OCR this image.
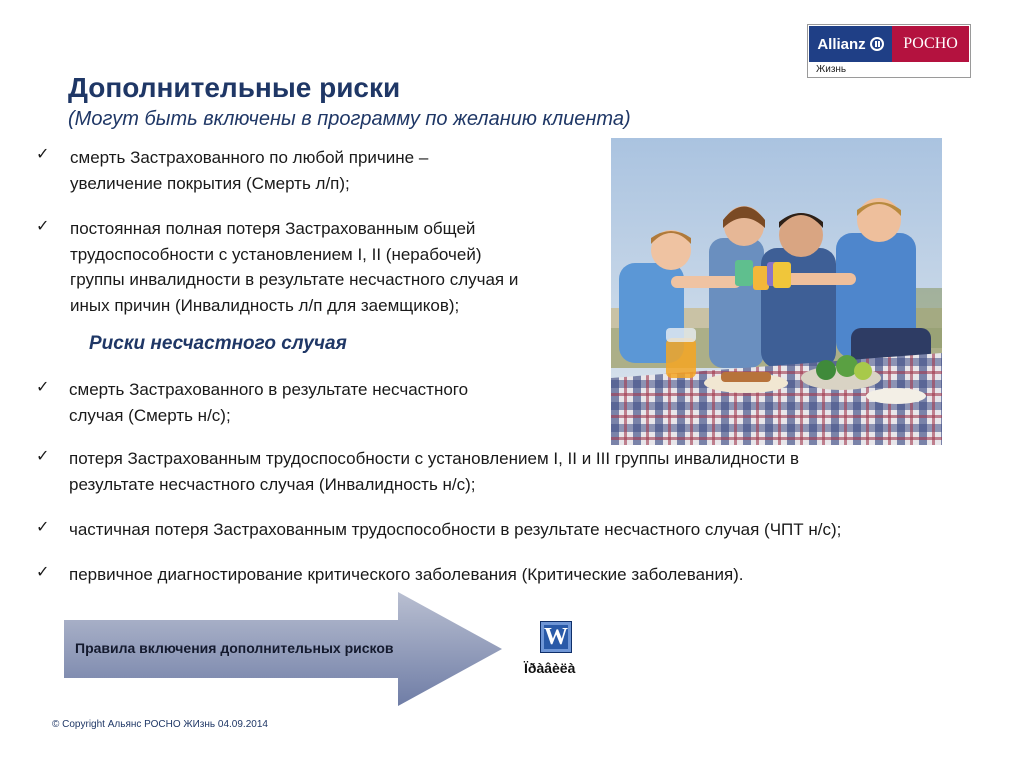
Allianz	РОСНО
Жизнь
Дополнительные риски

(Могут быть включены в программу по желанию клиента)

✓ смерть Застрахованного по любой причине –
увеличение покрытия (Смерть л/п);
✓ постоянная полная потеря Застрахованным общей
трудоспособности с установлением I, II (нерабочей)
группы инвалидности в результате несчастного случая и
иных причин (Инвалидность л/п для заемщиков);
Риски несчастного случая
✓ смерть Застрахованного в результате несчастного
случая (Смерть н/с);
✓ потеря Застрахованным трудоспособности с установлением I, II и III группы инвалидности в
результате несчастного случая (Инвалидность н/с);
✓ частичная потеря Застрахованным трудоспособности в результате несчастного случая (ЧПТ н/с);
✓ первичное диагностирование критического заболевания (Критические заболевания).
Правила включения дополнительных рисков	W
Ïðàâèëà
© Copyright Альянс РОСНО ЖИзнь 04.09.2014
